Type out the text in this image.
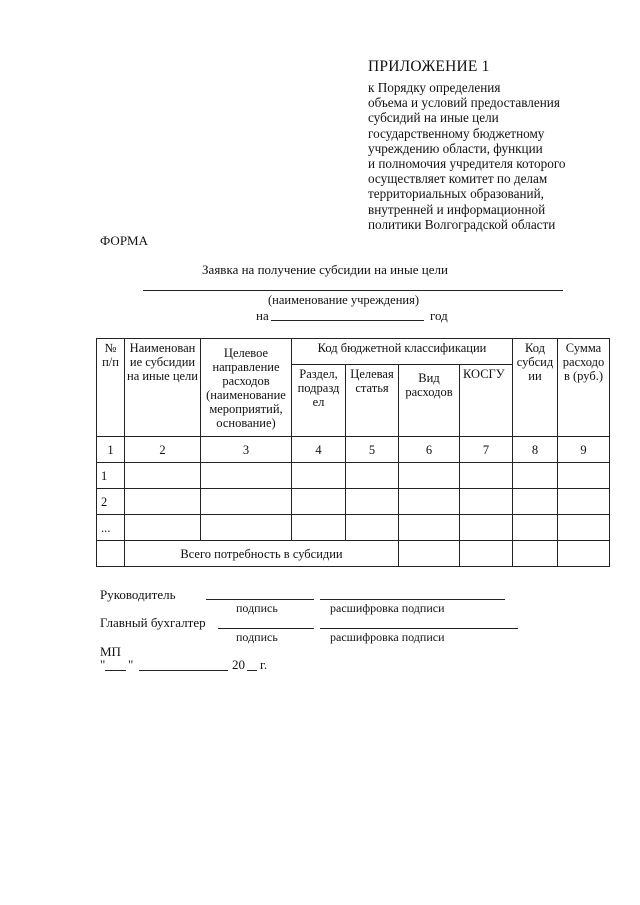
ПРИЛОЖЕНИЕ 1
к Порядку определения
объема и условий предоставления
субсидий на иные цели
государственному бюджетному
учреждению области, функции
и полномочия учредителя которого
осуществляет комитет по делам
территориальных образований,
внутренней и информационной
политики Волгоградской области
ФОРМА
Заявка на получение субсидии на иные цели
(наименование учреждения)
на	год
№ п/п	Наименован ие субсидии на иные цели	Целевое направление расходов (наименование мероприятий, основание)	Код бюджетной классификации				Код субсид ии	Сумма расходо в (руб.)
			Раздел, подразд ел	Целевая статья	Вид расходов	КОСГУ		
1	2	3	4	5	6	7	8	9
1								
2								
...								
	Всего потребность в субсидии							
Руководитель
подпись	расшифровка подписи
Главный бухгалтер
подпись	расшифровка подписи
МП
" "	20 г.
